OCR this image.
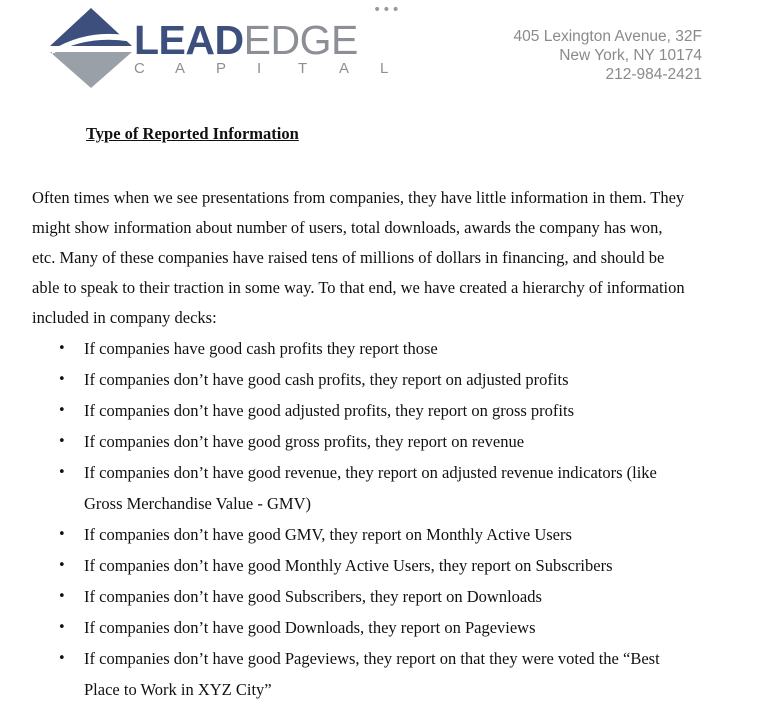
•••
LEADEDGE
C A P I T A L
405 Lexington Avenue, 32F
New York, NY 10174
212-984-2421
Type of Reported Information

Often times when we see presentations from companies, they have little information in them. They
might show information about number of users, total downloads, awards the company has won,
etc. Many of these companies have raised tens of millions of dollars in financing, and should be
able to speak to their traction in some way. To that end, we have created a hierarchy of information
included in company decks:

• If companies have good cash profits they report those
• If companies don’t have good cash profits, they report on adjusted profits
• If companies don’t have good adjusted profits, they report on gross profits
• If companies don’t have good gross profits, they report on revenue
• If companies don’t have good revenue, they report on adjusted revenue indicators (like
Gross Merchandise Value - GMV)
• If companies don’t have good GMV, they report on Monthly Active Users
• If companies don’t have good Monthly Active Users, they report on Subscribers
• If companies don’t have good Subscribers, they report on Downloads
• If companies don’t have good Downloads, they report on Pageviews
• If companies don’t have good Pageviews, they report on that they were voted the “Best
Place to Work in XYZ City”
